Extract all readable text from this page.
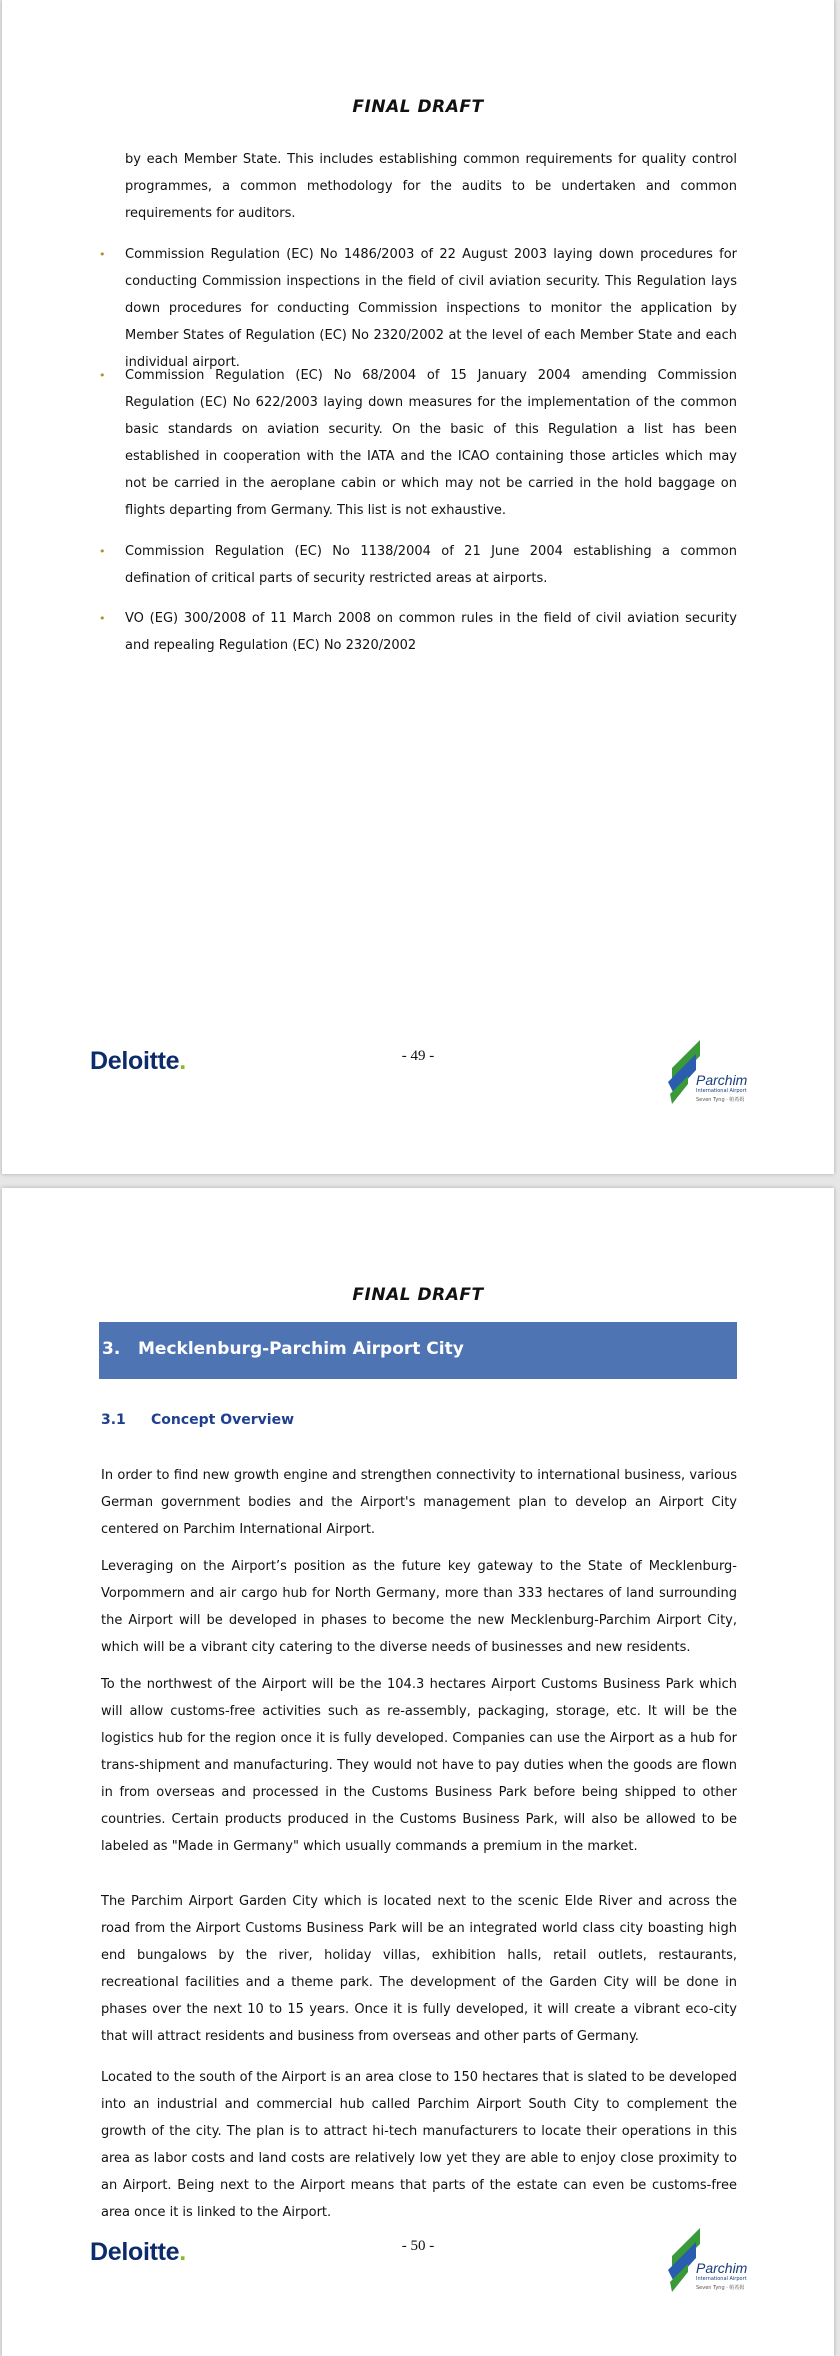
FINAL DRAFT

by each Member State. This includes establishing common requirements for quality control programmes, a common methodology for the audits to be undertaken and common requirements for auditors.

• Commission Regulation (EC) No 1486/2003 of 22 August 2003 laying down procedures for conducting Commission inspections in the field of civil aviation security. This Regulation lays down procedures for conducting Commission inspections to monitor the application by Member States of Regulation (EC) No 2320/2002 at the level of each Member State and each individual airport.

• Commission Regulation (EC) No 68/2004 of 15 January 2004 amending Commission Regulation (EC) No 622/2003 laying down measures for the implementation of the common basic standards on aviation security. On the basic of this Regulation a list has been established in cooperation with the IATA and the ICAO containing those articles which may not be carried in the aeroplane cabin or which may not be carried in the hold baggage on flights departing from Germany. This list is not exhaustive.

• Commission Regulation (EC) No 1138/2004 of 21 June 2004 establishing a common defination of critical parts of security restricted areas at airports.

• VO (EG) 300/2008 of 11 March 2008 on common rules in the field of civil aviation security and repealing Regulation (EC) No 2320/2002

Deloitte.	- 49 -
Parchim
International Airport
Seven Tyng · 帕希姆
FINAL DRAFT
3. Mecklenburg-Parchim Airport City
3.1 Concept Overview

In order to find new growth engine and strengthen connectivity to international business, various German government bodies and the Airport's management plan to develop an Airport City centered on Parchim International Airport.

Leveraging on the Airport’s position as the future key gateway to the State of Mecklenburg-Vorpommern and air cargo hub for North Germany, more than 333 hectares of land surrounding the Airport will be developed in phases to become the new Mecklenburg-Parchim Airport City, which will be a vibrant city catering to the diverse needs of businesses and new residents.

To the northwest of the Airport will be the 104.3 hectares Airport Customs Business Park which will allow customs-free activities such as re-assembly, packaging, storage, etc. It will be the logistics hub for the region once it is fully developed. Companies can use the Airport as a hub for trans-shipment and manufacturing. They would not have to pay duties when the goods are flown in from overseas and processed in the Customs Business Park before being shipped to other countries. Certain products produced in the Customs Business Park, will also be allowed to be labeled as "Made in Germany" which usually commands a premium in the market.

The Parchim Airport Garden City which is located next to the scenic Elde River and across the road from the Airport Customs Business Park will be an integrated world class city boasting high end bungalows by the river, holiday villas, exhibition halls, retail outlets, restaurants, recreational facilities and a theme park. The development of the Garden City will be done in phases over the next 10 to 15 years. Once it is fully developed, it will create a vibrant eco-city that will attract residents and business from overseas and other parts of Germany.

Located to the south of the Airport is an area close to 150 hectares that is slated to be developed into an industrial and commercial hub called Parchim Airport South City to complement the growth of the city. The plan is to attract hi-tech manufacturers to locate their operations in this area as labor costs and land costs are relatively low yet they are able to enjoy close proximity to an Airport. Being next to the Airport means that parts of the estate can even be customs-free area once it is linked to the Airport.

Deloitte.	- 50 -
Parchim
International Airport
Seven Tyng · 帕希姆
